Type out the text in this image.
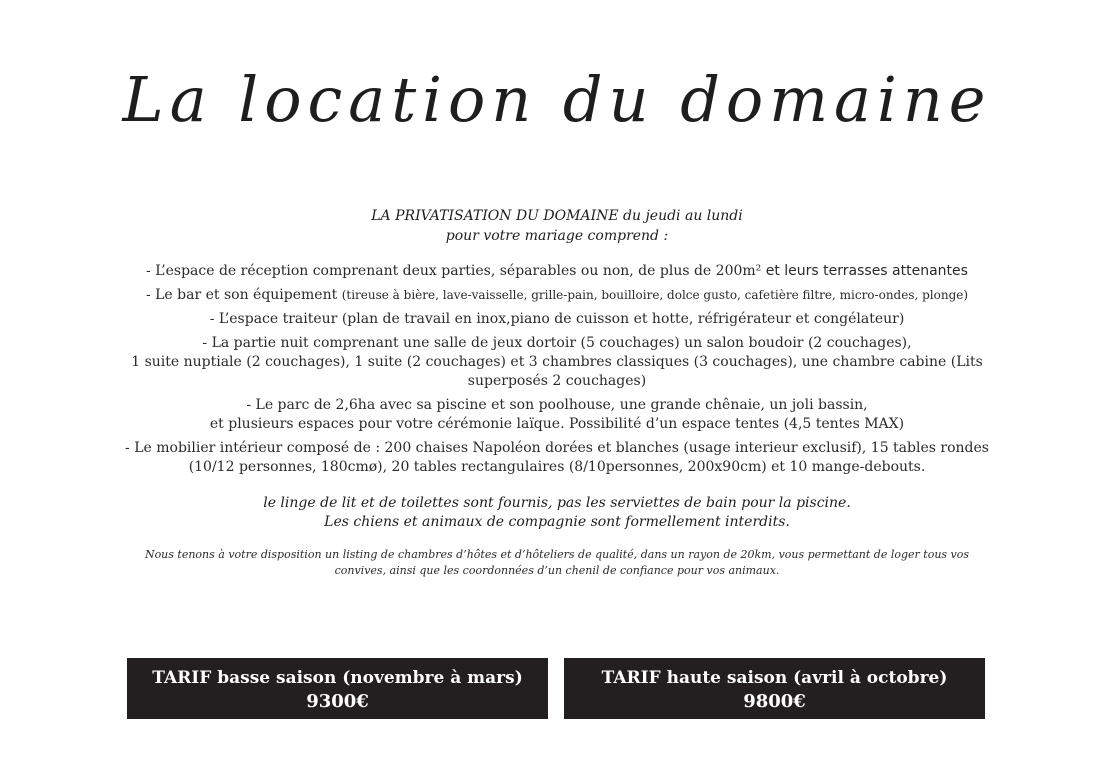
La location du domaine
LA PRIVATISATION DU DOMAINE du jeudi au lundi
pour votre mariage comprend :

- L’espace de réception comprenant deux parties, séparables ou non, de plus de 200m² et leurs terrasses attenantes

- Le bar et son équipement (tireuse à bière, lave-vaisselle, grille-pain, bouilloire, dolce gusto, cafetière filtre, micro-ondes, plonge)

- L’espace traiteur (plan de travail en inox,piano de cuisson et hotte, réfrigérateur et congélateur)

- La partie nuit comprenant une salle de jeux dortoir (5 couchages) un salon boudoir (2 couchages),
1 suite nuptiale (2 couchages), 1 suite (2 couchages) et 3 chambres classiques (3 couchages), une chambre cabine (Lits superposés 2 couchages)

- Le parc de 2,6ha avec sa piscine et son poolhouse, une grande chênaie, un joli bassin,
et plusieurs espaces pour votre cérémonie laïque. Possibilité d’un espace tentes (4,5 tentes MAX)

- Le mobilier intérieur composé de : 200 chaises Napoléon dorées et blanches (usage interieur exclusif), 15 tables rondes (10/12 personnes, 180cmø), 20 tables rectangulaires (8/10personnes, 200x90cm) et 10 mange-debouts.

le linge de lit et de toilettes sont fournis, pas les serviettes de bain pour la piscine.
Les chiens et animaux de compagnie sont formellement interdits.
Nous tenons à votre disposition un listing de chambres d’hôtes et d’hôteliers de qualité, dans un rayon de 20km, vous permettant de loger tous vos convives, ainsi que les coordonnées d’un chenil de confiance pour vos animaux.
TARIF basse saison (novembre à mars)
9300€
TARIF haute saison (avril à octobre)
9800€
